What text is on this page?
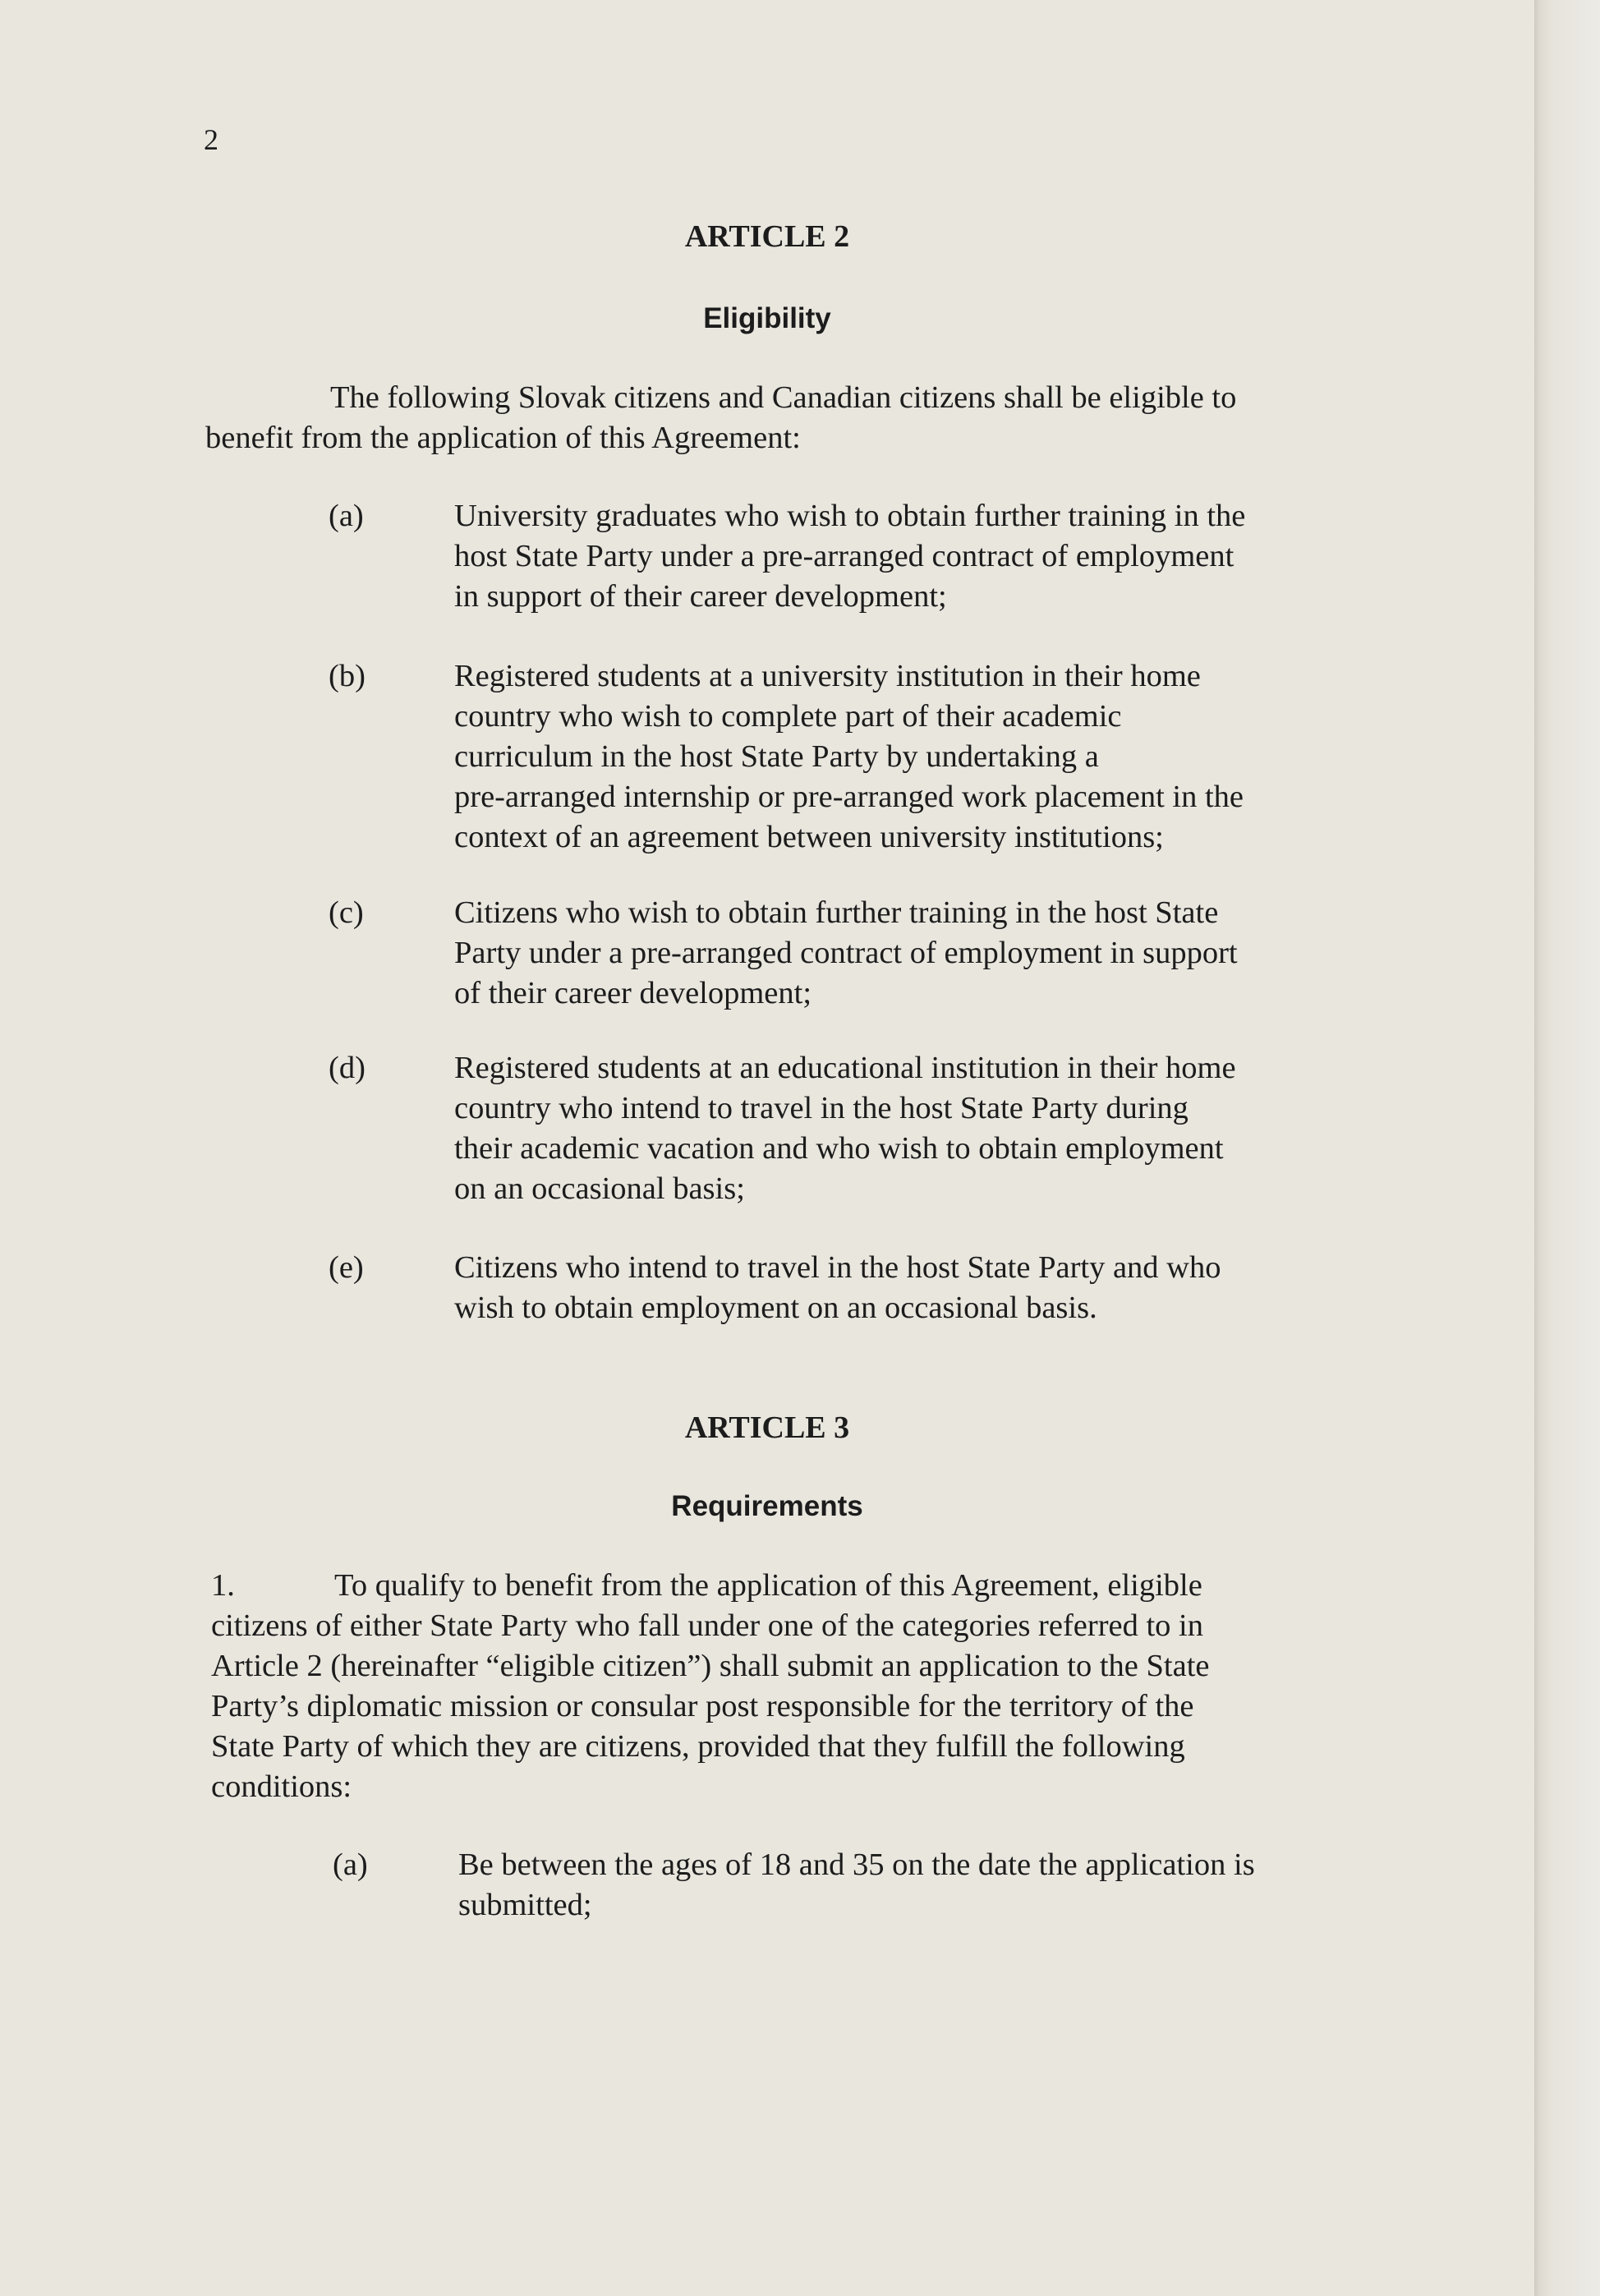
2
ARTICLE 2
Eligibility
The following Slovak citizens and Canadian citizens shall be eligible to
benefit from the application of this Agreement:
(a)	University graduates who wish to obtain further training in the
host State Party under a pre-arranged contract of employment
in support of their career development;
(b)	Registered students at a university institution in their home
country who wish to complete part of their academic
curriculum in the host State Party by undertaking a
pre-arranged internship or pre-arranged work placement in the
context of an agreement between university institutions;
(c)	Citizens who wish to obtain further training in the host State
Party under a pre-arranged contract of employment in support
of their career development;
(d)	Registered students at an educational institution in their home
country who intend to travel in the host State Party during
their academic vacation and who wish to obtain employment
on an occasional basis;
(e)	Citizens who intend to travel in the host State Party and who
wish to obtain employment on an occasional basis.
ARTICLE 3
Requirements
1.	To qualify to benefit from the application of this Agreement, eligible
citizens of either State Party who fall under one of the categories referred to in
Article 2 (hereinafter “eligible citizen”) shall submit an application to the State
Party’s diplomatic mission or consular post responsible for the territory of the
State Party of which they are citizens, provided that they fulfill the following
conditions:
(a)	Be between the ages of 18 and 35 on the date the application is
submitted;
